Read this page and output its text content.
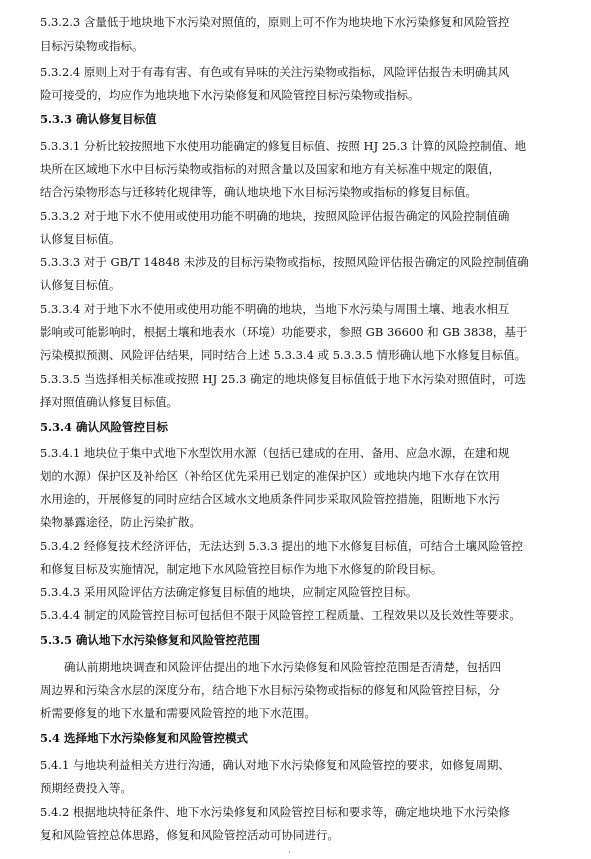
5.3.2.3 含量低于地块地下水污染对照值的，原则上可不作为地块地下水污染修复和风险管控
目标污染物或指标。
5.3.2.4 原则上对于有毒有害、有色或有异味的关注污染物或指标，风险评估报告未明确其风
险可接受的，均应作为地块地下水污染修复和风险管控目标污染物或指标。
5.3.3 确认修复目标值
5.3.3.1 分析比较按照地下水使用功能确定的修复目标值、按照 HJ 25.3 计算的风险控制值、地
块所在区域地下水中目标污染物或指标的对照含量以及国家和地方有关标准中规定的限值，
结合污染物形态与迁移转化规律等，确认地块地下水目标污染物或指标的修复目标值。
5.3.3.2 对于地下水不使用或使用功能不明确的地块，按照风险评估报告确定的风险控制值确
认修复目标值。
5.3.3.3 对于 GB/T 14848 未涉及的目标污染物或指标，按照风险评估报告确定的风险控制值确
认修复目标值。
5.3.3.4 对于地下水不使用或使用功能不明确的地块，当地下水污染与周围土壤、地表水相互
影响或可能影响时，根据土壤和地表水（环境）功能要求，参照 GB 36600 和 GB 3838，基于
污染模拟预测、风险评估结果，同时结合上述 5.3.3.4 或 5.3.3.5 情形确认地下水修复目标值。
5.3.3.5 当选择相关标准或按照 HJ 25.3 确定的地块修复目标值低于地下水污染对照值时，可选
择对照值确认修复目标值。
5.3.4 确认风险管控目标
5.3.4.1 地块位于集中式地下水型饮用水源（包括已建成的在用、备用、应急水源，在建和规
划的水源）保护区及补给区（补给区优先采用已划定的准保护区）或地块内地下水存在饮用
水用途的，开展修复的同时应结合区域水文地质条件同步采取风险管控措施，阻断地下水污
染物暴露途径，防止污染扩散。
5.3.4.2 经修复技术经济评估，无法达到 5.3.3 提出的地下水修复目标值，可结合土壤风险管控
和修复目标及实施情况，制定地下水风险管控目标作为地下水修复的阶段目标。
5.3.4.3 采用风险评估方法确定修复目标值的地块，应制定风险管控目标。
5.3.4.4 制定的风险管控目标可包括但不限于风险管控工程质量、工程效果以及长效性等要求。
5.3.5 确认地下水污染修复和风险管控范围
确认前期地块调查和风险评估提出的地下水污染修复和风险管控范围是否清楚，包括四
周边界和污染含水层的深度分布，结合地下水目标污染物或指标的修复和风险管控目标，分
析需要修复的地下水量和需要风险管控的地下水范围。
5.4 选择地下水污染修复和风险管控模式
5.4.1 与地块利益相关方进行沟通，确认对地下水污染修复和风险管控的要求，如修复周期、
预期经费投入等。
5.4.2 根据地块特征条件、地下水污染修复和风险管控目标和要求等，确定地块地下水污染修
复和风险管控总体思路，修复和风险管控活动可协同进行。
·
